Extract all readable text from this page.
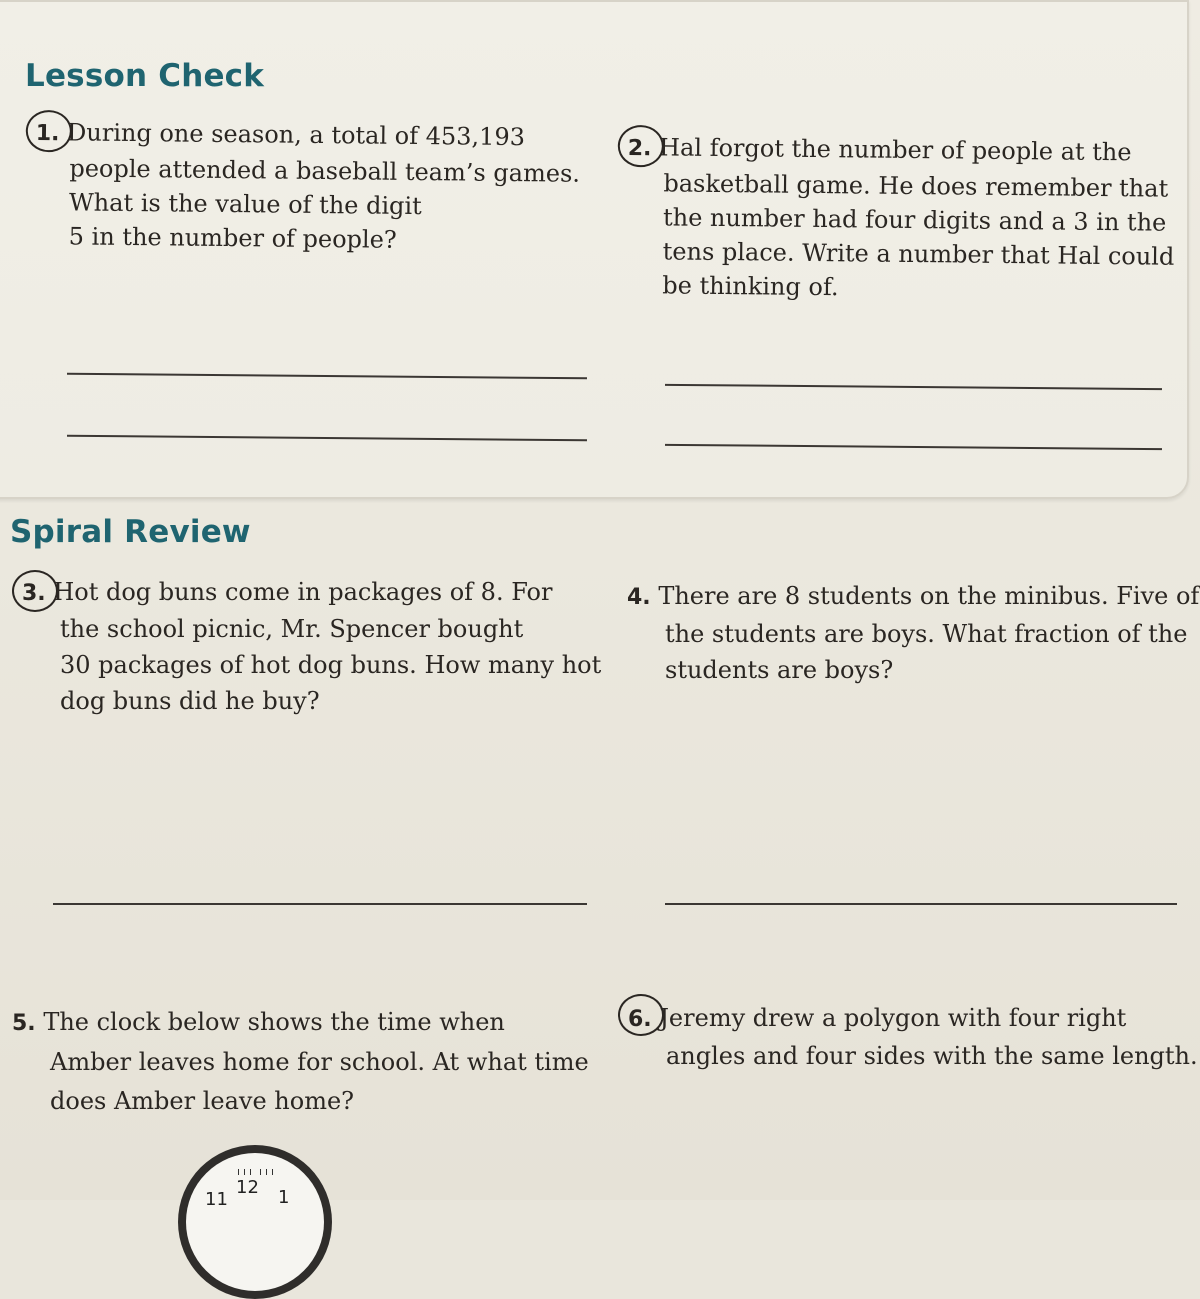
Lesson Check
1. During one season, a total of 453,193
people attended a baseball team’s games.
What is the value of the digit
5 in the number of people?
2. Hal forgot the number of people at the
basketball game. He does remember that
the number had four digits and a 3 in the
tens place. Write a number that Hal could
be thinking of.
Spiral Review
3. Hot dog buns come in packages of 8. For
the school picnic, Mr. Spencer bought
30 packages of hot dog buns. How many hot
dog buns did he buy?
4. There are 8 students on the minibus. Five of
the students are boys. What fraction of the
students are boys?
5. The clock below shows the time when
Amber leaves home for school. At what time
does Amber leave home?
6. Jeremy drew a polygon with four right
angles and four sides with the same length.
11
12 1
